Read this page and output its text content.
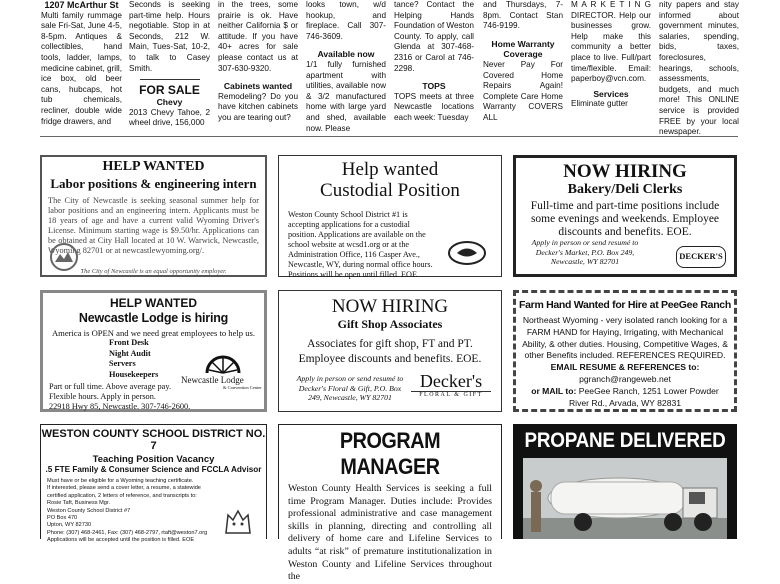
1207 McArthur St
Multi family rummage sale Fri-Sat, June 4-5, 8-5pm. Antiques & collectibles, hand tools, ladder, lamps, medicine cabinet, grill, ice box, old beer cans, hubcaps, hot tub chemicals, recliner, double wide fridge drawers, and
Seconds is seeking part-time help. Hours negotiable. Stop in at Seconds, 212 W. Main, Tues-Sat, 10-2, to talk to Casey Smith.
FOR SALE
Chevy
2013 Chevy Tahoe, 2 wheel drive, 156,000
in the trees, some prairie is ok. Have neither California $ or attitude. If you have 40+ acres for sale please contact us at 307-630-9320.
Cabinets wanted
Remodeling? Do you have kitchen cabinets you are tearing out?
looks town, w/d hookup, and fireplace. Call 307-746-3609.
Available now
1/1 fully furnished apartment with utilities, available now & 3/2 manufactured home with large yard and shed, available now. Please
tance? Contact the Helping Hands Foundation of Weston County. To apply, call Glenda at 307-468-2316 or Carol at 746-2298.
TOPS
TOPS meets at three Newcastle locations each week: Tuesday
and Thursdays, 7-8pm. Contact Stan 746-9199.
Home Warranty Coverage
Never Pay For Covered Home Repairs Again! Complete Care Home Warranty COVERS ALL
M A R K E T I N G DIRECTOR. Help our businesses grow. Help make this community a better place to live. Full/part time/flexible. Email: paperboy@vcn.com.
Services
Eliminate gutter
nity papers and stay informed about government minutes, salaries, spending, bids, taxes, foreclosures, hearings, schools, assessments, budgets, and much more! This ONLINE service is provided FREE by your local newspaper.
HELP WANTED
Labor positions & engineering intern
The City of Newcastle is seeking seasonal summer help for labor positions and an engineering intern. Applicants must be 18 years of age and have a current valid Wyoming Driver's License. Minimum starting wage is $9.50/hr. Applications can be obtained at City Hall located at 10 W. Warwick, Newcastle, Wyoming 82701 or at newcastlewyoming.org/.
The City of Newcastle is an equal opportunity employer.
Help wanted
Custodial Position
Weston County School District #1 is accepting applications for a custodial position. Applications are available on the school website at wcsd1.org or at the Administration Office, 116 Casper Ave., Newcastle, WY, during normal office hours. Positions will be open until filled. EOE
NOW HIRING
Bakery/Deli Clerks
Full-time and part-time positions include some evenings and weekends. Employee discounts and benefits. EOE.
Apply in person or send resumé to Decker's Market, P.O. Box 249, Newcastle, WY 82701
DECKER'S
HELP WANTED
Newcastle Lodge is hiring
America is OPEN and we need great employees to help us.
Front Desk
Night Audit
Servers
Housekeepers
Part or full time. Above average pay. Flexible hours. Apply in person.
22918 Hwy 85, Newcastle. 307-746-2600.
Newcastle Lodge
& Convention Center
NOW HIRING
Gift Shop Associates
Associates for gift shop, FT and PT. Employee discounts and benefits. EOE.
Apply in person or send resumé to Decker's Floral & Gift, P.O. Box 249, Newcastle, WY 82701
Decker's
FLORAL & GIFT
Farm Hand Wanted for Hire at PeeGee Ranch
Northeast Wyoming - very isolated ranch looking for a FARM HAND for Haying, Irrigating, with Mechanical Ability, & other duties. Housing, Competitive Wages, & other Benefits included. REFERENCES REQUIRED.
EMAIL RESUME & REFERENCES to: pgranch@rangeweb.net
or MAIL to: PeeGee Ranch, 1251 Lower Powder River Rd., Arvada, WY 82831
WESTON COUNTY SCHOOL DISTRICT NO. 7
Teaching Position Vacancy
.5 FTE Family & Consumer Science and FCCLA Advisor
Must have or be eligible for a Wyoming teaching certificate.
If interested, please send a cover letter, a resume, a statewide certified application, 2 letters of reference, and transcripts to:
Rosie Taft, Business Mgr.
Weston County School District #7
PO Box 470
Upton, WY 82730
Phone: (307) 468-2461, Fax: (307) 468-2797, rtaft@weston7.org
Applications will be accepted until the position is filled. EOE
PROGRAM MANAGER
Weston County Health Services is seeking a full time Program Manager. Duties include: Provides professional administrative and case management skills in planning, directing and controlling all delivery of home care and Lifeline Services to adults “at risk” of premature institutionalization in Weston County and Lifeline Services throughout the
PROPANE DELIVERED
